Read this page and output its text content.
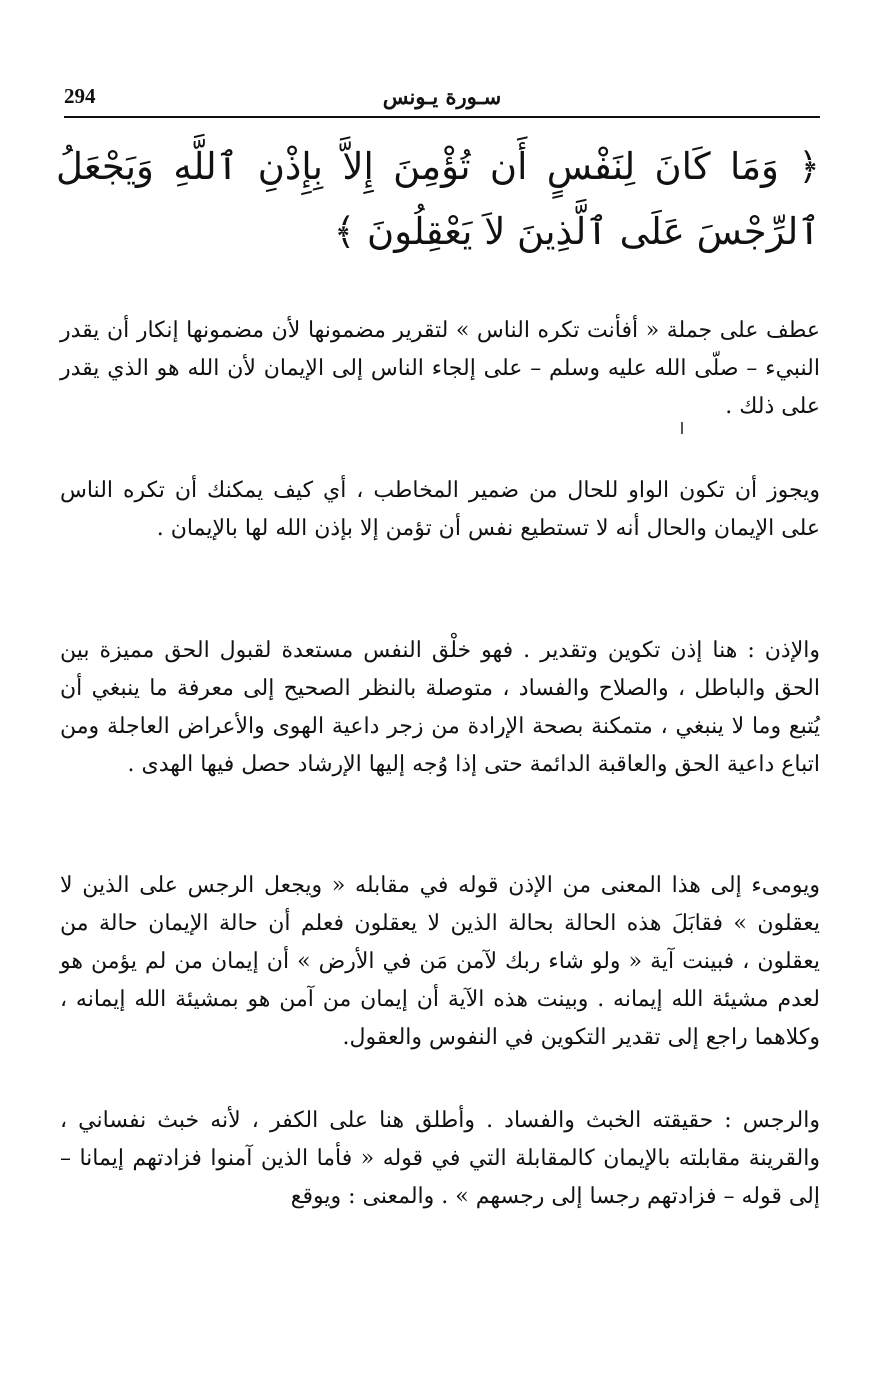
294	سـورة يـونس
﴿ وَمَا كَانَ لِنَفْسٍ أَن تُؤْمِنَ إِلاَّ بِإِذْنِ ٱللَّهِ وَيَجْعَلُ ٱلرِّجْسَ عَلَى ٱلَّذِينَ لاَ يَعْقِلُونَ ﴾

عطف على جملة « أفأنت تكره الناس » لتقرير مضمونها لأن مضمونها إنكار أن يقدر النبيء – صلّى الله عليه وسلم – على إلجاء الناس إلى الإيمان لأن الله هو الذي يقدر على ذلك .

ويجوز أن تكون الواو للحال من ضمير المخاطب ، أي كيف يمكنك أن تكره الناس على الإيمان والحال أنه لا تستطيع نفس أن تؤمن إلا بإذن الله لها بالإيمان .

والإذن : هنا إذن تكوين وتقدير . فهو خلْق النفس مستعدة لقبول الحق مميزة بين الحق والباطل ، والصلاح والفساد ، متوصلة بالنظر الصحيح إلى معرفة ما ينبغي أن يُتبع وما لا ينبغي ، متمكنة بصحة الإرادة من زجر داعية الهوى والأعراض العاجلة ومن اتباع داعية الحق والعاقبة الدائمة حتى إذا وُجه إليها الإرشاد حصل فيها الهدى .

ويومىء إلى هذا المعنى من الإذن قوله في مقابله « ويجعل الرجس على الذين لا يعقلون » فقابَلَ هذه الحالة بحالة الذين لا يعقلون فعلم أن حالة الإيمان حالة من يعقلون ، فبينت آية « ولو شاء ربك لآمن مَن في الأرض » أن إيمان من لم يؤمن هو لعدم مشيئة الله إيمانه . وبينت هذه الآية أن إيمان من آمن هو بمشيئة الله إيمانه ، وكلاهما راجع إلى تقدير التكوين في النفوس والعقول.

والرجس : حقيقته الخبث والفساد . وأطلق هنا على الكفر ، لأنه خبث نفساني ، والقرينة مقابلته بالإيمان كالمقابلة التي في قوله « فأما الذين آمنوا فزادتهم إيمانا – إلى قوله – فزادتهم رجسا إلى رجسهم » . والمعنى : ويوقع
